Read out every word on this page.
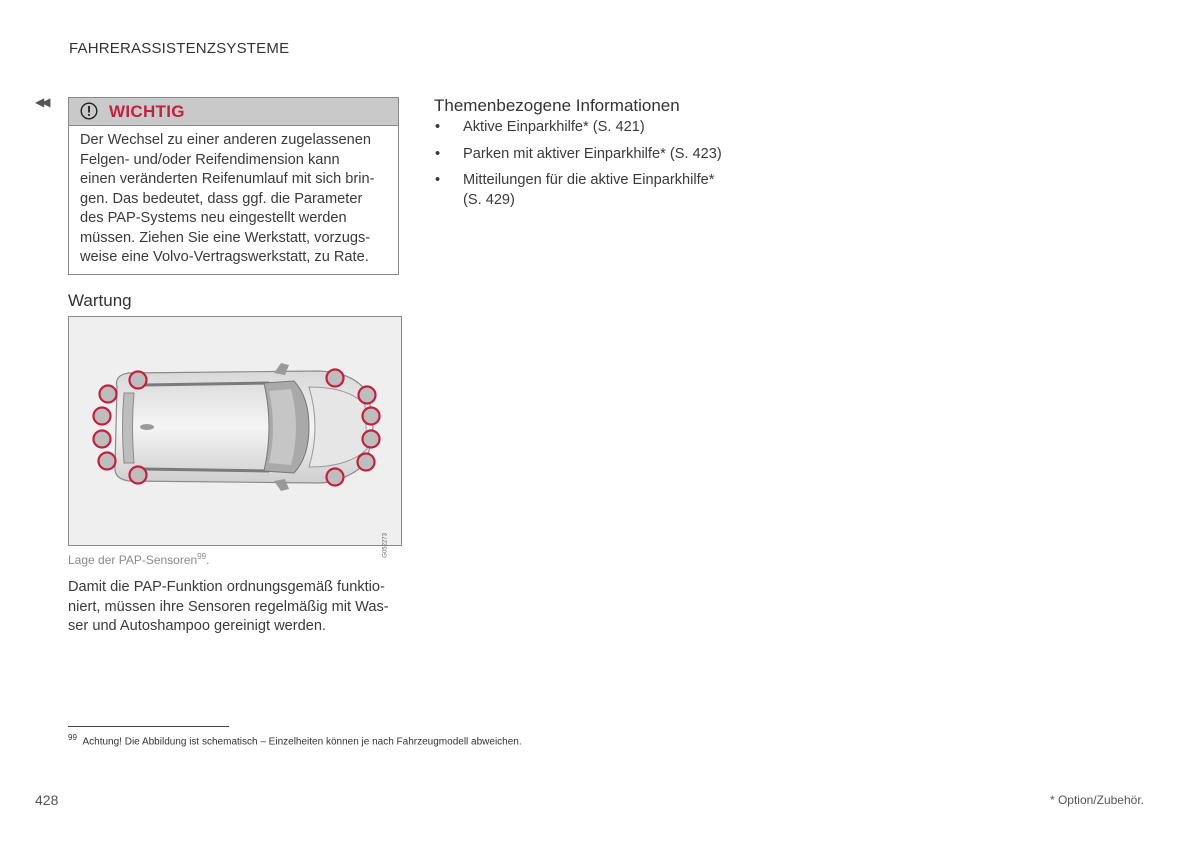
FAHRERASSISTENZSYSTEME
◀◀	WICHTIG
Der Wechsel zu einer anderen zugelassenen
Felgen- und/oder Reifendimension kann
einen veränderten Reifenumlauf mit sich brin-
gen. Das bedeutet, dass ggf. die Parameter
des PAP-Systems neu eingestellt werden
müssen. Ziehen Sie eine Werkstatt, vorzugs-
weise eine Volvo-Vertragswerkstatt, zu Rate.
Wartung
G052273
Lage der PAP-Sensoren$^{99}$.
Damit die PAP-Funktion ordnungsgemäß funktio-
niert, müssen ihre Sensoren regelmäßig mit Was-
ser und Autoshampoo gereinigt werden.
Themenbezogene Informationen
• Aktive Einparkhilfe* (S. 421)
• Parken mit aktiver Einparkhilfe* (S. 423)
• Mitteilungen für die aktive Einparkhilfe*
(S. 429)
$^{99}$ Achtung! Die Abbildung ist schematisch – Einzelheiten können je nach Fahrzeugmodell abweichen.
428	* Option/Zubehör.
